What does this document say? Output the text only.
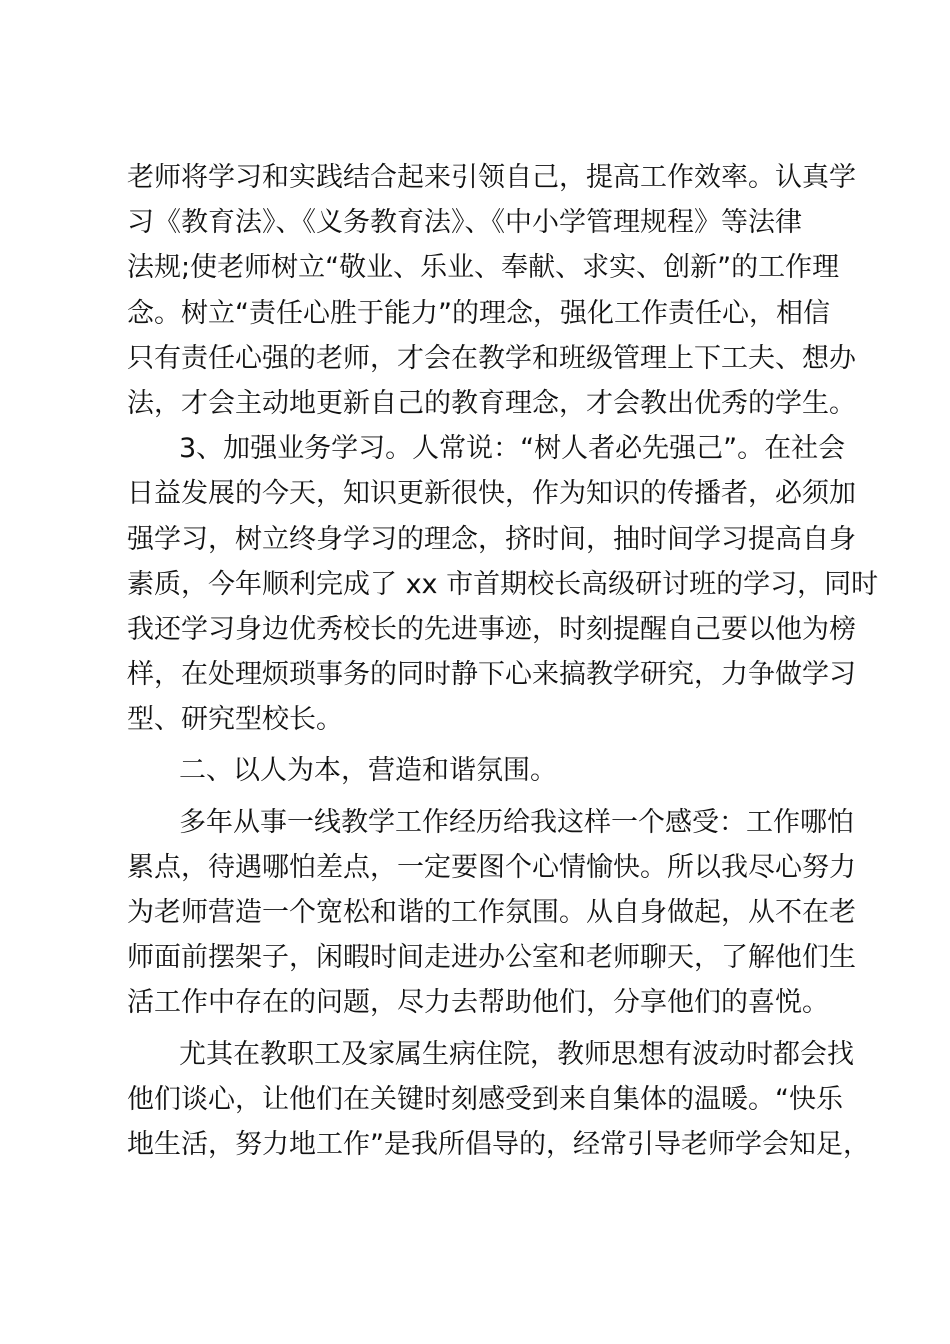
老师将学习和实践结合起来引领自己，提高工作效率。认真学

习《教育法》、《义务教育法》、《中小学管理规程》等法律

法规;使老师树立“敬业、乐业、奉献、求实、创新”的工作理

念。树立“责任心胜于能力”的理念，强化工作责任心，相信

只有责任心强的老师，才会在教学和班级管理上下工夫、想办

法，才会主动地更新自己的教育理念，才会教出优秀的学生。

3、加强业务学习。人常说：“树人者必先强己”。在社会

日益发展的今天，知识更新很快，作为知识的传播者，必须加

强学习，树立终身学习的理念，挤时间，抽时间学习提高自身

素质，今年顺利完成了 xx 市首期校长高级研讨班的学习，同时

我还学习身边优秀校长的先进事迹，时刻提醒自己要以他为榜

样，在处理烦琐事务的同时静下心来搞教学研究，力争做学习

型、研究型校长。

二、以人为本，营造和谐氛围。

多年从事一线教学工作经历给我这样一个感受：工作哪怕

累点，待遇哪怕差点，一定要图个心情愉快。所以我尽心努力

为老师营造一个宽松和谐的工作氛围。从自身做起，从不在老

师面前摆架子，闲暇时间走进办公室和老师聊天，了解他们生

活工作中存在的问题，尽力去帮助他们，分享他们的喜悦。

尤其在教职工及家属生病住院，教师思想有波动时都会找

他们谈心，让他们在关键时刻感受到来自集体的温暖。“快乐

地生活，努力地工作”是我所倡导的，经常引导老师学会知足，
